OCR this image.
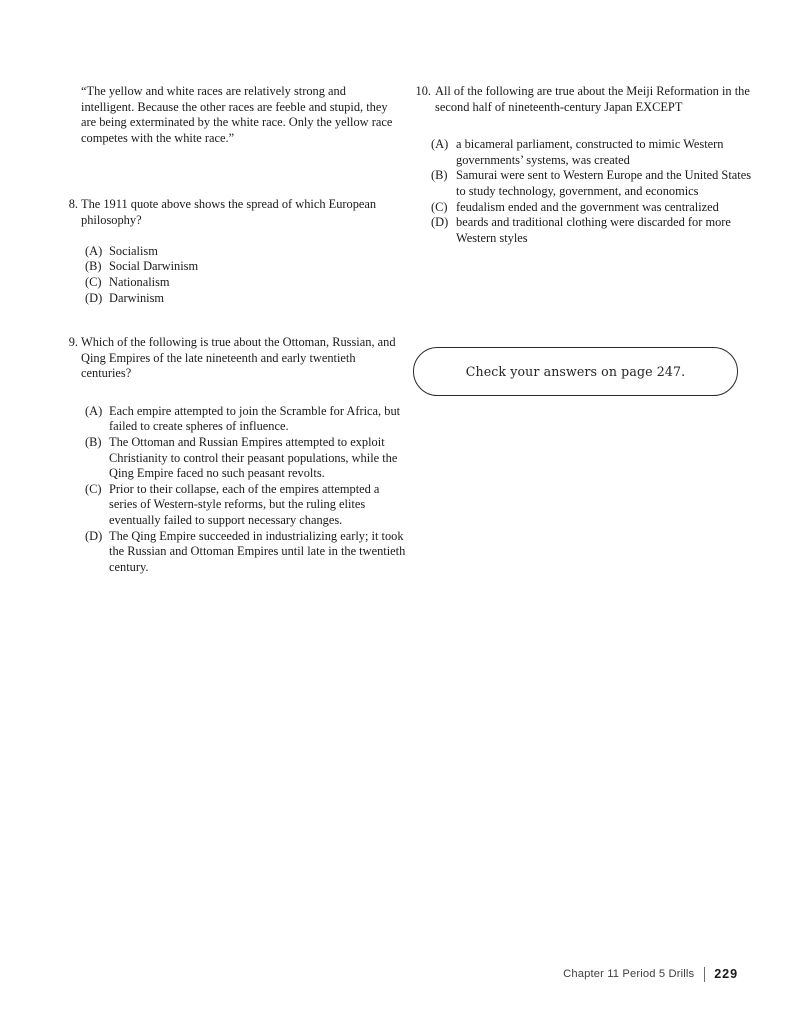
“The yellow and white races are relatively strong and intelligent. Because the other races are feeble and stupid, they are being exterminated by the white race. Only the yellow race competes with the white race.”

8. The 1911 quote above shows the spread of which European philosophy?
(A) Socialism
(B) Social Darwinism
(C) Nationalism
(D) Darwinism
9. Which of the following is true about the Ottoman, Russian, and Qing Empires of the late nineteenth and early twentieth centuries?
(A) Each empire attempted to join the Scramble for Africa, but failed to create spheres of influence.
(B) The Ottoman and Russian Empires attempted to exploit Christianity to control their peasant populations, while the Qing Empire faced no such peasant revolts.
(C) Prior to their collapse, each of the empires attempted a series of Western-style reforms, but the ruling elites eventually failed to support necessary changes.
(D) The Qing Empire succeeded in industrializing early; it took the Russian and Ottoman Empires until late in the twentieth century.
10. All of the following are true about the Meiji Reformation in the second half of nineteenth-century Japan EXCEPT
(A) a bicameral parliament, constructed to mimic Western governments’ systems, was created
(B) Samurai were sent to Western Europe and the United States to study technology, government, and economics
(C) feudalism ended and the government was centralized
(D) beards and traditional clothing were discarded for more Western styles
Check your answers on page 247.
Chapter 11 Period 5 Drills 229
